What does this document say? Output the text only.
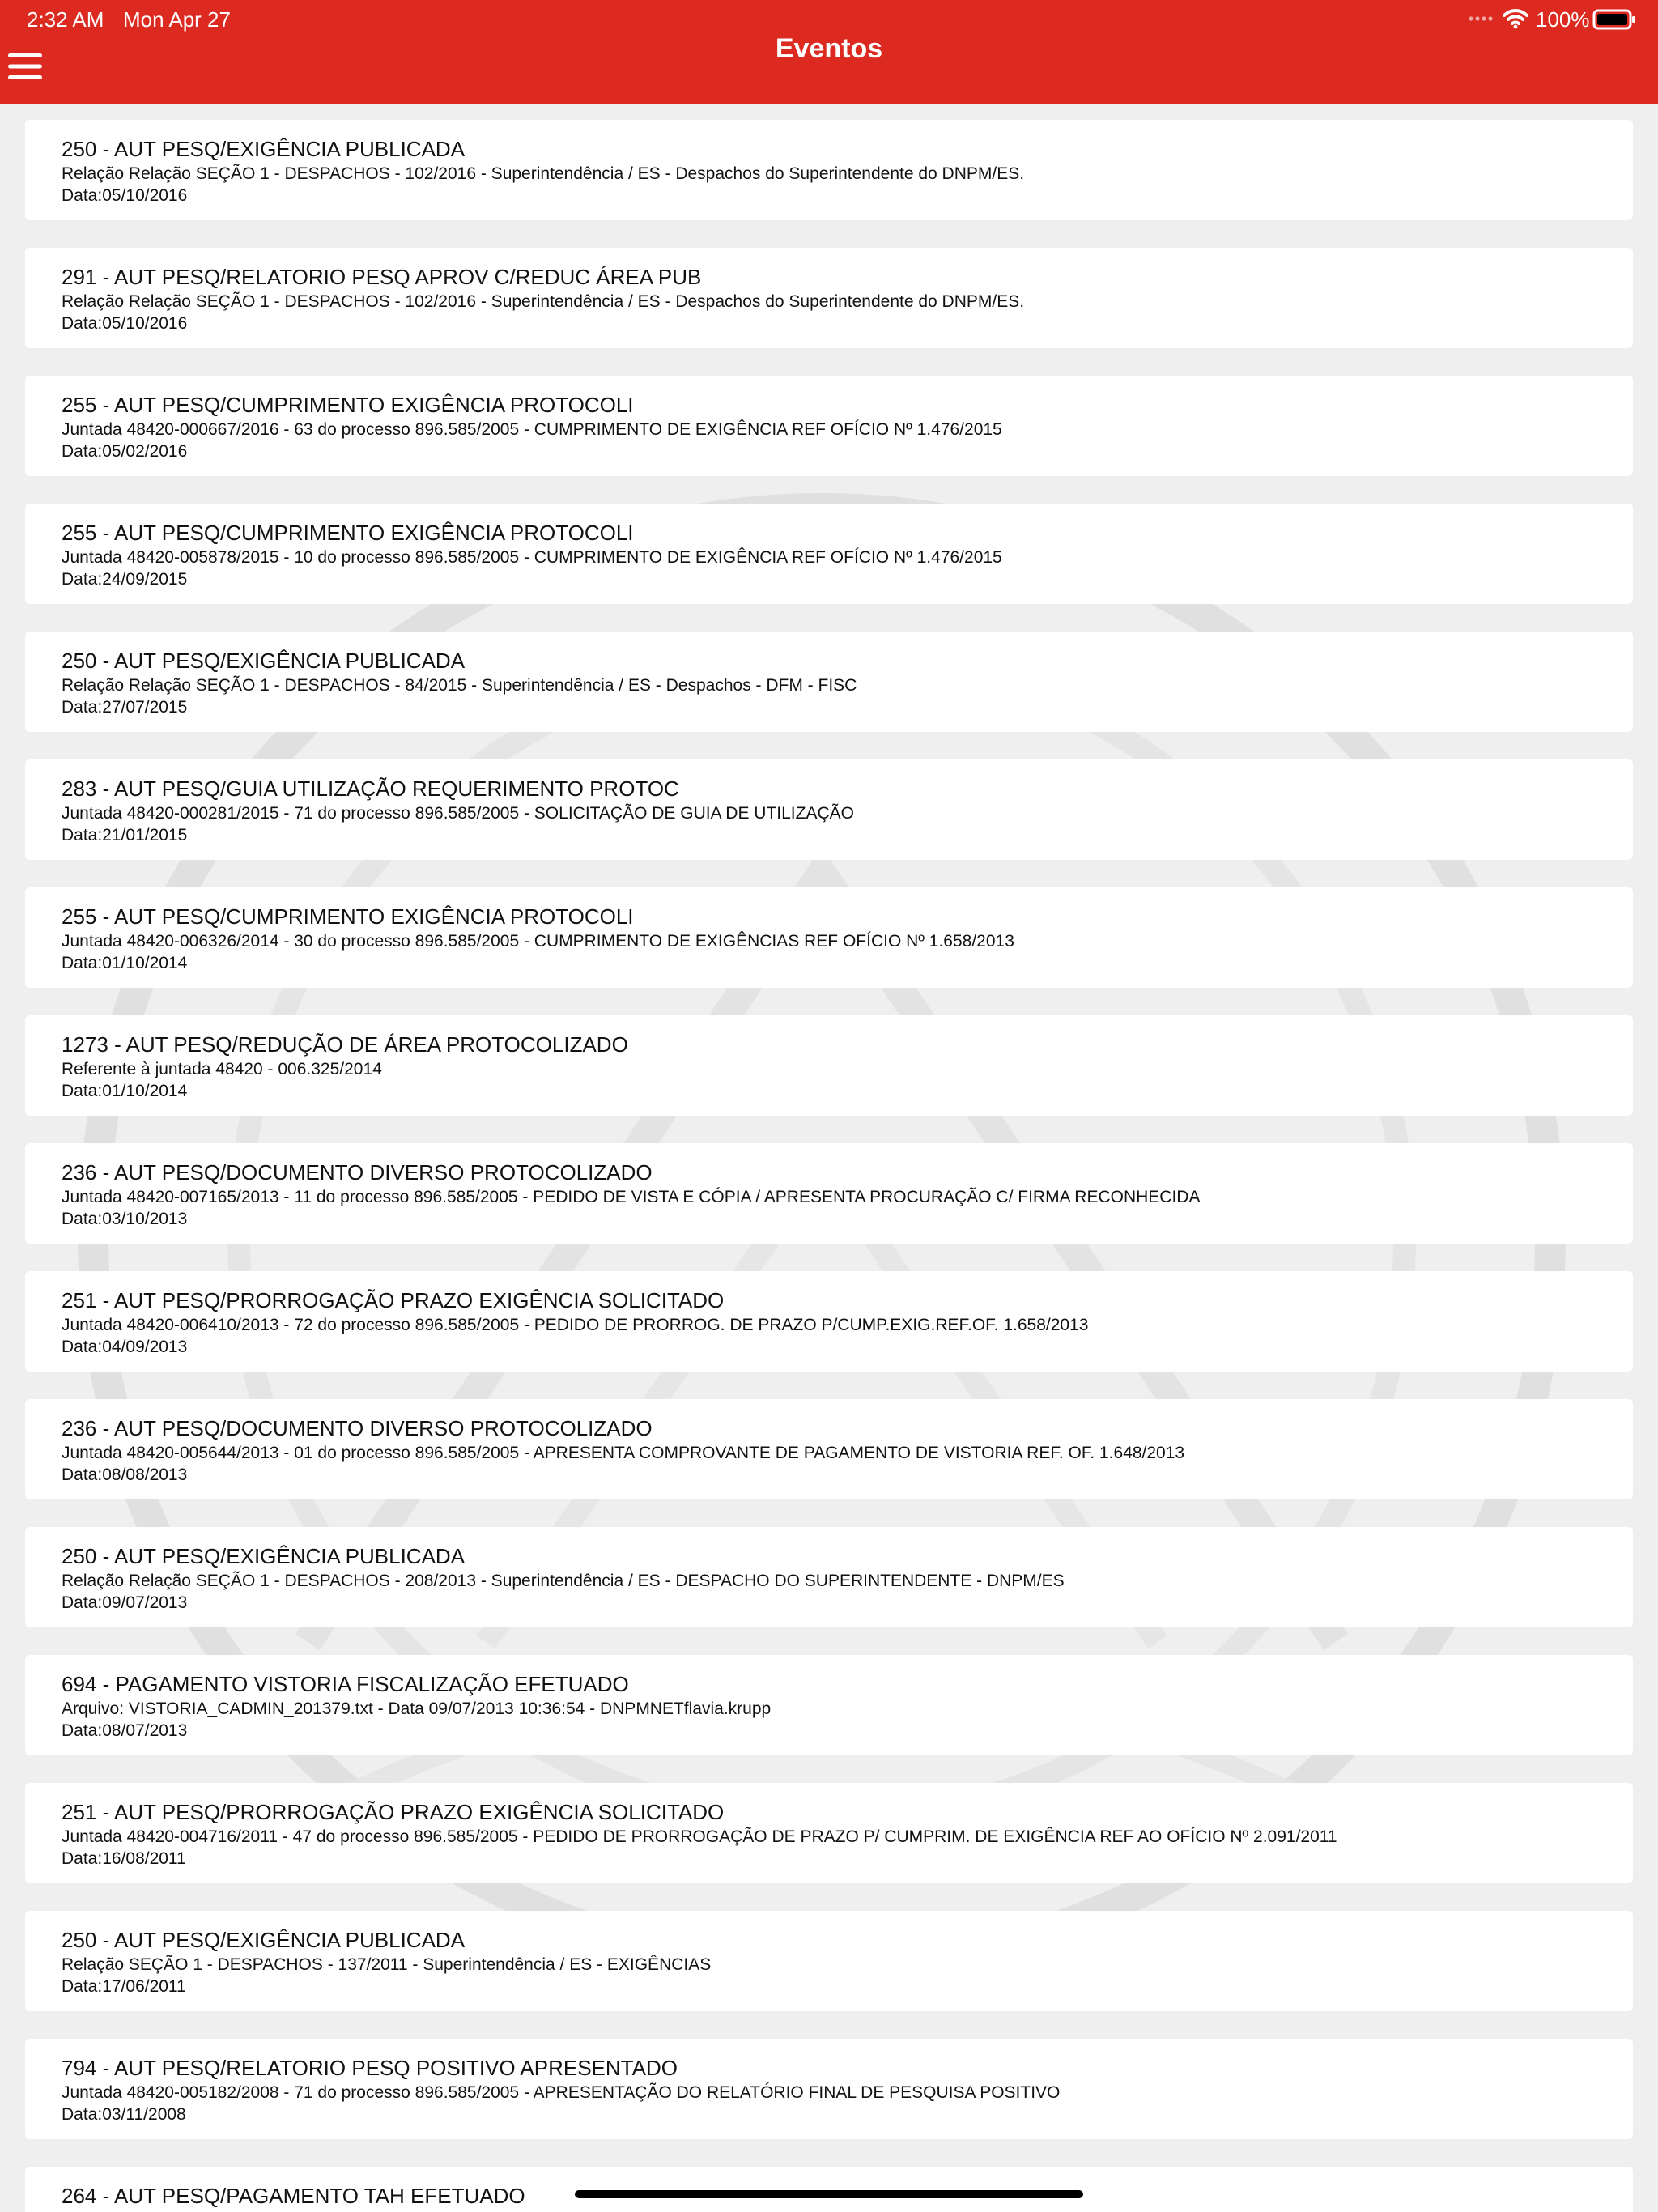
2:32 AM Mon Apr 27	100%
Eventos
250 - AUT PESQ/EXIGÊNCIA PUBLICADA
Relação Relação SEÇÃO 1 - DESPACHOS - 102/2016 - Superintendência / ES - Despachos do Superintendente do DNPM/ES.
Data:05/10/2016
291 - AUT PESQ/RELATORIO PESQ APROV C/REDUC ÁREA PUB
Relação Relação SEÇÃO 1 - DESPACHOS - 102/2016 - Superintendência / ES - Despachos do Superintendente do DNPM/ES.
Data:05/10/2016
255 - AUT PESQ/CUMPRIMENTO EXIGÊNCIA PROTOCOLI
Juntada 48420-000667/2016 - 63 do processo 896.585/2005 - CUMPRIMENTO DE EXIGÊNCIA REF OFÍCIO Nº 1.476/2015
Data:05/02/2016
255 - AUT PESQ/CUMPRIMENTO EXIGÊNCIA PROTOCOLI
Juntada 48420-005878/2015 - 10 do processo 896.585/2005 - CUMPRIMENTO DE EXIGÊNCIA REF OFÍCIO Nº 1.476/2015
Data:24/09/2015
250 - AUT PESQ/EXIGÊNCIA PUBLICADA
Relação Relação SEÇÃO 1 - DESPACHOS - 84/2015 - Superintendência / ES - Despachos - DFM - FISC
Data:27/07/2015
283 - AUT PESQ/GUIA UTILIZAÇÃO REQUERIMENTO PROTOC
Juntada 48420-000281/2015 - 71 do processo 896.585/2005 - SOLICITAÇÃO DE GUIA DE UTILIZAÇÃO
Data:21/01/2015
255 - AUT PESQ/CUMPRIMENTO EXIGÊNCIA PROTOCOLI
Juntada 48420-006326/2014 - 30 do processo 896.585/2005 - CUMPRIMENTO DE EXIGÊNCIAS REF OFÍCIO Nº 1.658/2013
Data:01/10/2014
1273 - AUT PESQ/REDUÇÃO DE ÁREA PROTOCOLIZADO
Referente à juntada 48420 - 006.325/2014
Data:01/10/2014
236 - AUT PESQ/DOCUMENTO DIVERSO PROTOCOLIZADO
Juntada 48420-007165/2013 - 11 do processo 896.585/2005 - PEDIDO DE VISTA E CÓPIA / APRESENTA PROCURAÇÃO C/ FIRMA RECONHECIDA
Data:03/10/2013
251 - AUT PESQ/PRORROGAÇÃO PRAZO EXIGÊNCIA SOLICITADO
Juntada 48420-006410/2013 - 72 do processo 896.585/2005 - PEDIDO DE PRORROG. DE PRAZO P/CUMP.EXIG.REF.OF. 1.658/2013
Data:04/09/2013
236 - AUT PESQ/DOCUMENTO DIVERSO PROTOCOLIZADO
Juntada 48420-005644/2013 - 01 do processo 896.585/2005 - APRESENTA COMPROVANTE DE PAGAMENTO DE VISTORIA REF. OF. 1.648/2013
Data:08/08/2013
250 - AUT PESQ/EXIGÊNCIA PUBLICADA
Relação Relação SEÇÃO 1 - DESPACHOS - 208/2013 - Superintendência / ES - DESPACHO DO SUPERINTENDENTE - DNPM/ES
Data:09/07/2013
694 - PAGAMENTO VISTORIA FISCALIZAÇÃO EFETUADO
Arquivo: VISTORIA_CADMIN_201379.txt - Data 09/07/2013 10:36:54 - DNPMNETflavia.krupp
Data:08/07/2013
251 - AUT PESQ/PRORROGAÇÃO PRAZO EXIGÊNCIA SOLICITADO
Juntada 48420-004716/2011 - 47 do processo 896.585/2005 - PEDIDO DE PRORROGAÇÃO DE PRAZO P/ CUMPRIM. DE EXIGÊNCIA REF AO OFÍCIO Nº 2.091/2011
Data:16/08/2011
250 - AUT PESQ/EXIGÊNCIA PUBLICADA
Relação SEÇÃO 1 - DESPACHOS - 137/2011 - Superintendência / ES - EXIGÊNCIAS
Data:17/06/2011
794 - AUT PESQ/RELATORIO PESQ POSITIVO APRESENTADO
Juntada 48420-005182/2008 - 71 do processo 896.585/2005 - APRESENTAÇÃO DO RELATÓRIO FINAL DE PESQUISA POSITIVO
Data:03/11/2008
264 - AUT PESQ/PAGAMENTO TAH EFETUADO
